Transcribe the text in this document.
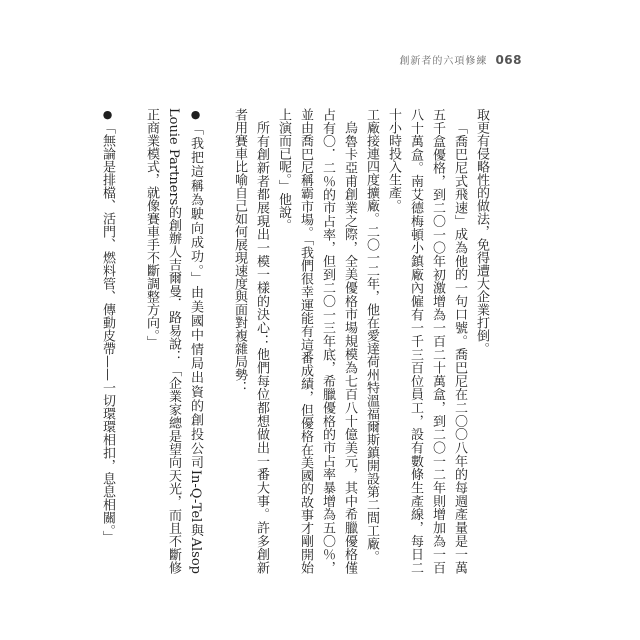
創新者的六項修練 068

取更有侵略性的做法，免得遭大企業打倒。

「喬巴尼式飛速」成為他的一句口號。喬巴尼在二〇〇八年的每週產量是一萬五千盒優格，到二〇一〇年初激增為一百二十萬盒，到二〇一二年則增加為一百八十萬盒。南艾德梅頓小鎮廠內僱有一千三百位員工，設有數條生產線，每日二十小時投入生產。

工廠接連四度擴廠。二〇一二年，他在愛達荷州特溫福爾斯鎮開設第二間工廠。

烏魯卡亞甫創業之際，全美優格市場規模為七百八十億美元，其中希臘優格僅占有〇．二％的市占率，但到二〇一三年底，希臘優格的市占率暴增為五〇％，並由喬巴尼稱霸市場。「我們很幸運能有這番成績，但優格在美國的故事才剛開始上演而已呢。」他說。

所有創新者都展現出一模一樣的決心：他們每位都想做出一番大事。許多創新者用賽車比喻自己如何展現速度與面對複雜局勢：

●「我把這稱為駛向成功。」由美國中情局出資的創投公司In-Q-Tel與Alsop Louie Partners的創辦人吉爾曼．路易說：「企業家總是望向天光，而且不斷修正商業模式，就像賽車手不斷調整方向。」

●「無論是排檔、活門、燃料管、傳動皮帶——一切環環相扣，息息相關。」
